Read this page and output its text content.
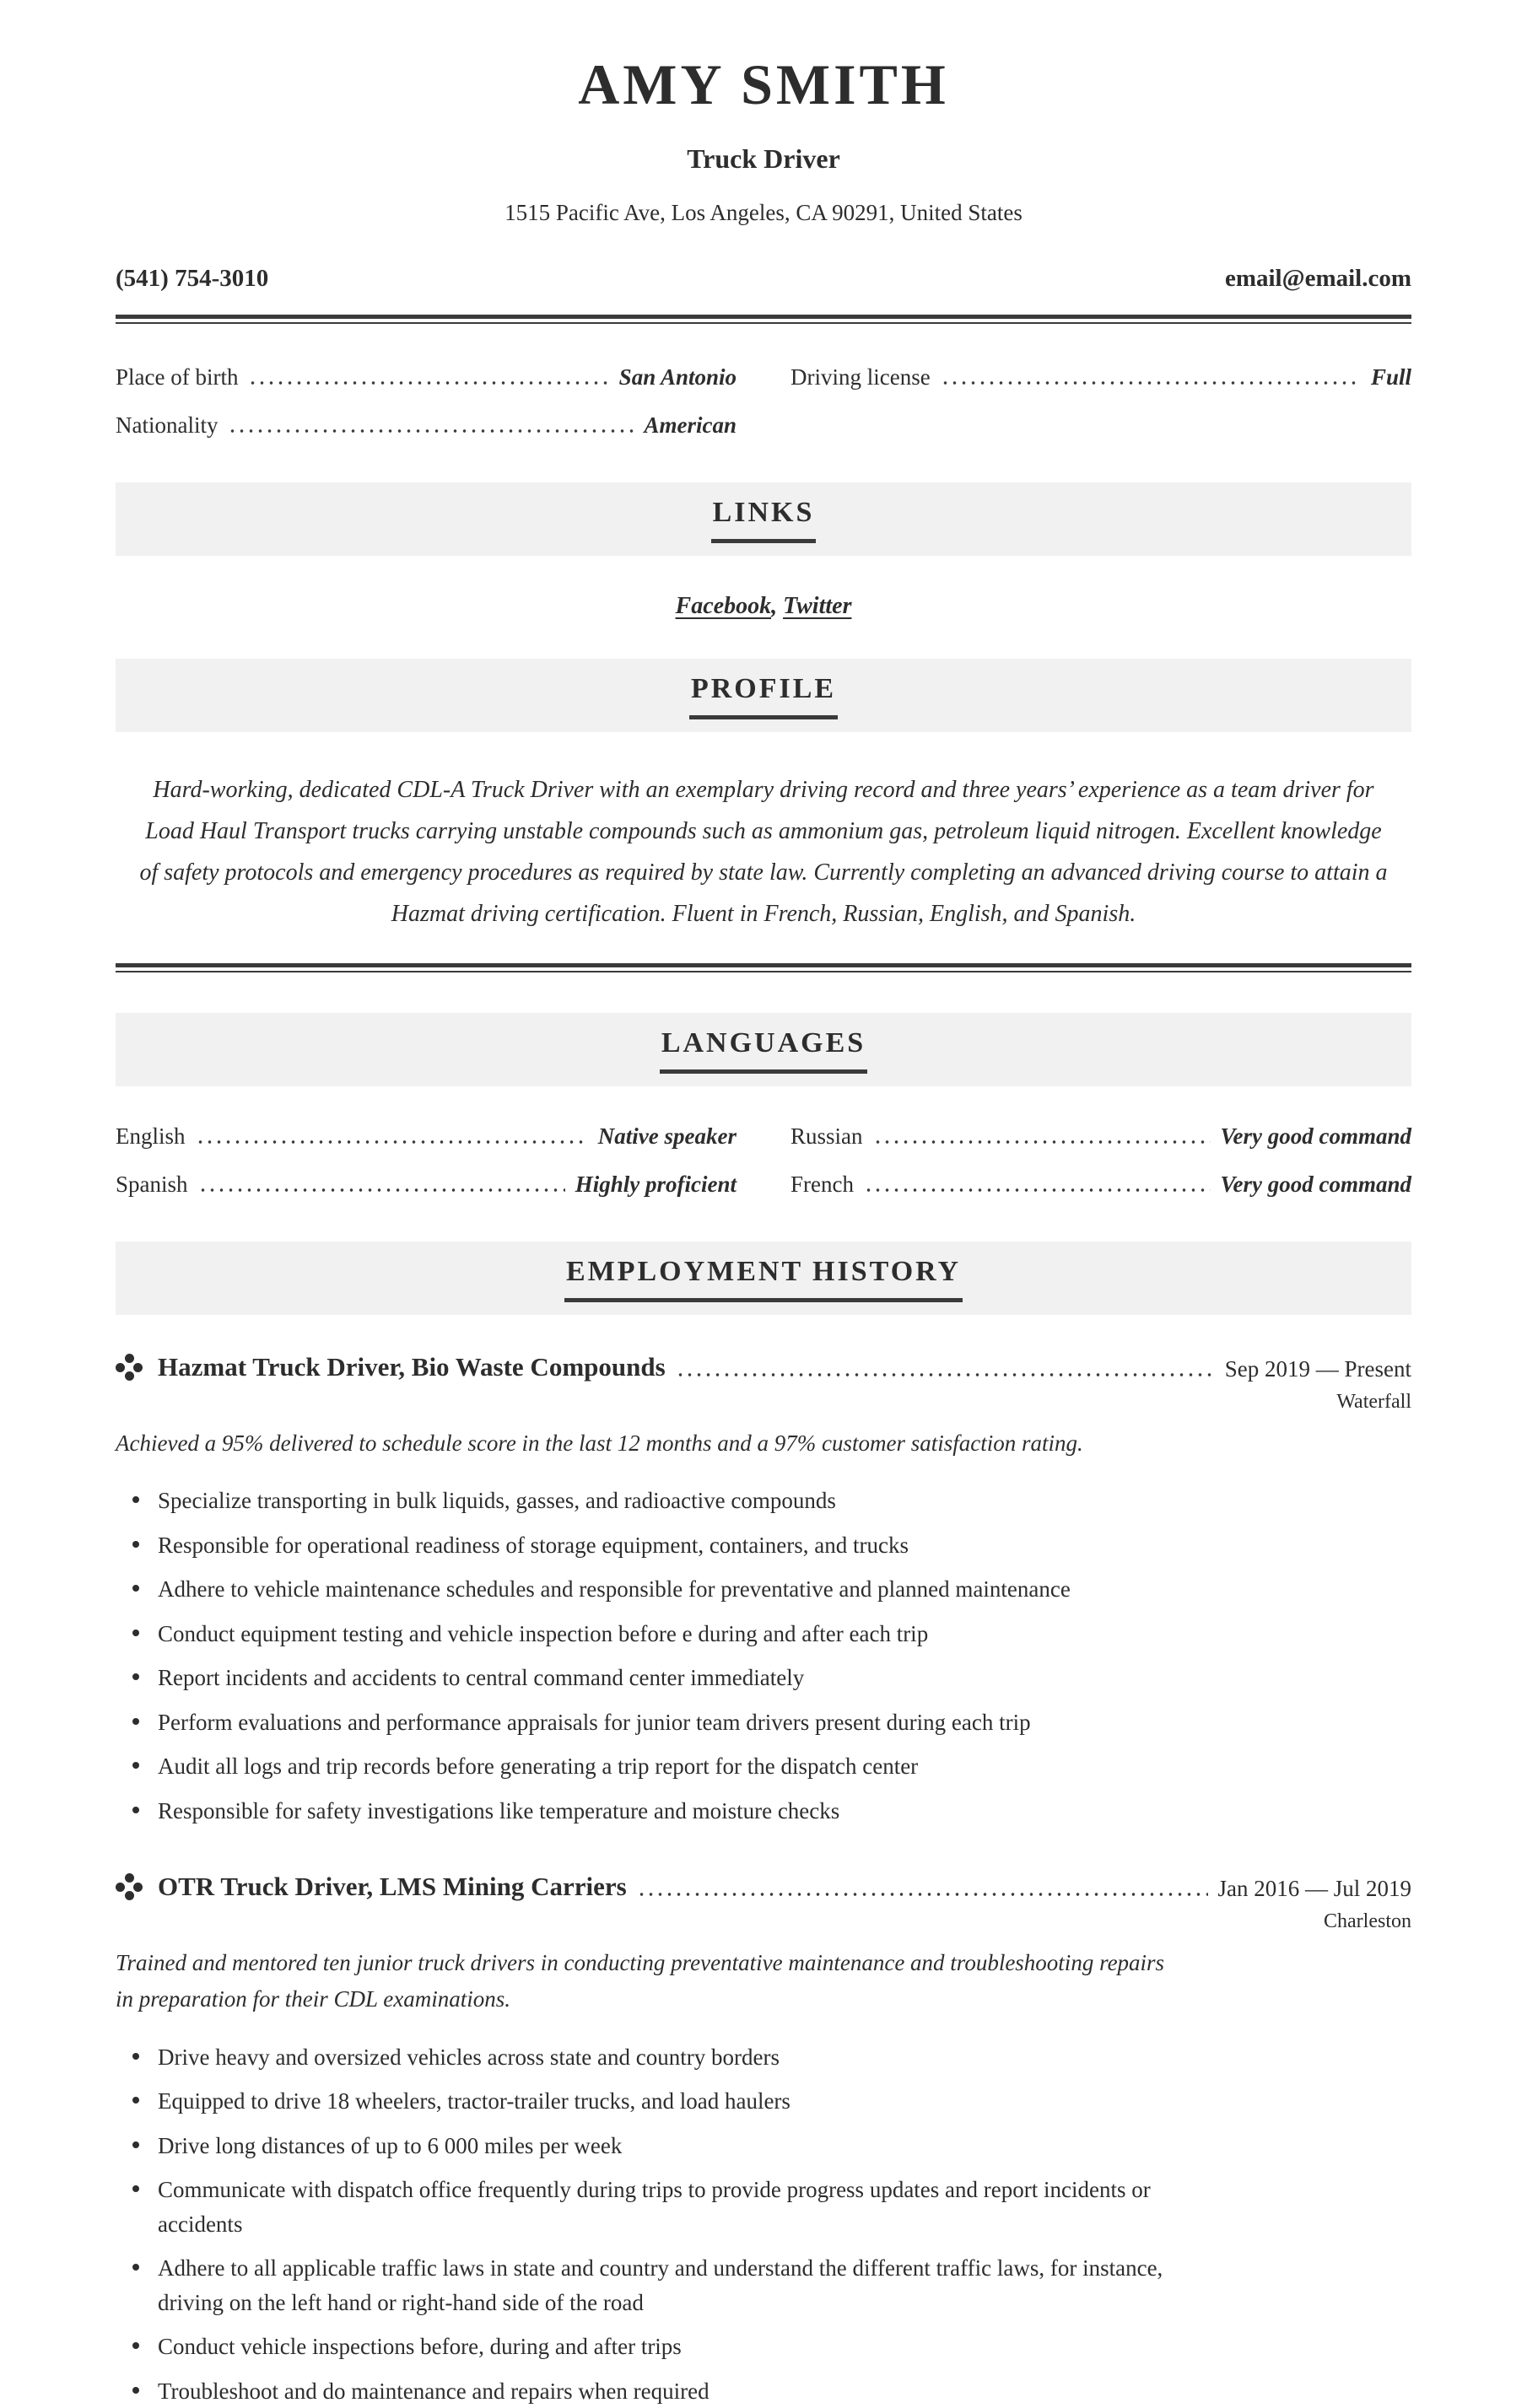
AMY SMITH
Truck Driver
1515 Pacific Ave, Los Angeles, CA 90291, United States
(541) 754-3010	email@email.com
Place of birth	San Antonio Driving license	Full
Nationality	American
LINKS
Facebook, Twitter
PROFILE

Hard-working, dedicated CDL-A Truck Driver with an exemplary driving record and three years’ experience as a team driver for Load Haul Transport trucks carrying unstable compounds such as ammonium gas, petroleum liquid nitrogen. Excellent knowledge of safety protocols and emergency procedures as required by state law. Currently completing an advanced driving course to attain a Hazmat driving certification. Fluent in French, Russian, English, and Spanish.

LANGUAGES
English	Native speaker Russian	Very good command
Spanish	Highly proficient French	Very good command
EMPLOYMENT HISTORY
Hazmat Truck Driver, Bio Waste Compounds	Sep 2019 — Present
Waterfall

Achieved a 95% delivered to schedule score in the last 12 months and a 97% customer satisfaction rating.

Specialize transporting in bulk liquids, gasses, and radioactive compounds
Responsible for operational readiness of storage equipment, containers, and trucks
Adhere to vehicle maintenance schedules and responsible for preventative and planned maintenance
Conduct equipment testing and vehicle inspection before e during and after each trip
Report incidents and accidents to central command center immediately
Perform evaluations and performance appraisals for junior team drivers present during each trip
Audit all logs and trip records before generating a trip report for the dispatch center
Responsible for safety investigations like temperature and moisture checks
OTR Truck Driver, LMS Mining Carriers	Jan 2016 — Jul 2019
Charleston

Trained and mentored ten junior truck drivers in conducting preventative maintenance and troubleshooting repairs in preparation for their CDL examinations.

Drive heavy and oversized vehicles across state and country borders
Equipped to drive 18 wheelers, tractor-trailer trucks, and load haulers
Drive long distances of up to 6 000 miles per week
Communicate with dispatch office frequently during trips to provide progress updates and report incidents or accidents
Adhere to all applicable traffic laws in state and country and understand the different traffic laws, for instance, driving on the left hand or right-hand side of the road
Conduct vehicle inspections before, during and after trips
Troubleshoot and do maintenance and repairs when required
